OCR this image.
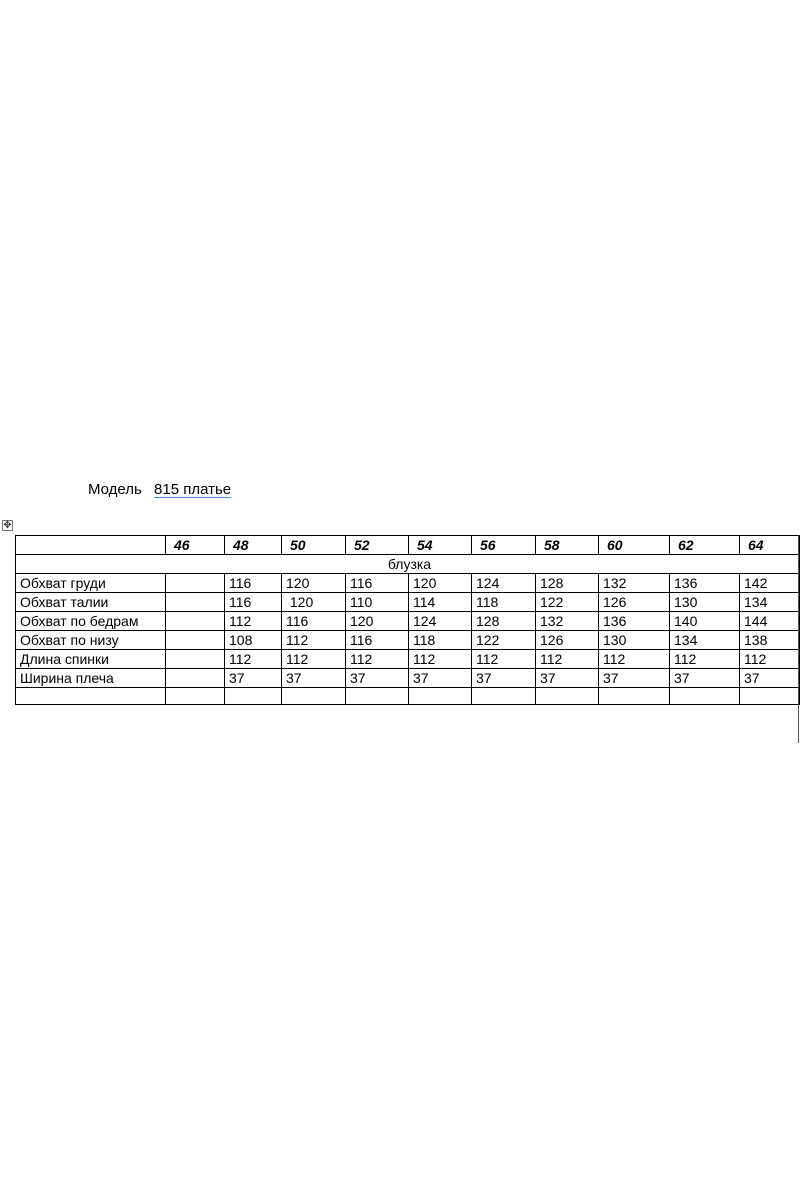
Модель 815 платье
✥
	46	48	50	52	54	56	58	60	62	64
блузка										
Обхват груди		116	120	116	120	124	128	132	136	142
Обхват талии		116	120	110	114	118	122	126	130	134
Обхват по бедрам		112	116	120	124	128	132	136	140	144
Обхват по низу		108	112	116	118	122	126	130	134	138
Длина спинки		112	112	112	112	112	112	112	112	112
Ширина плеча		37	37	37	37	37	37	37	37	37
